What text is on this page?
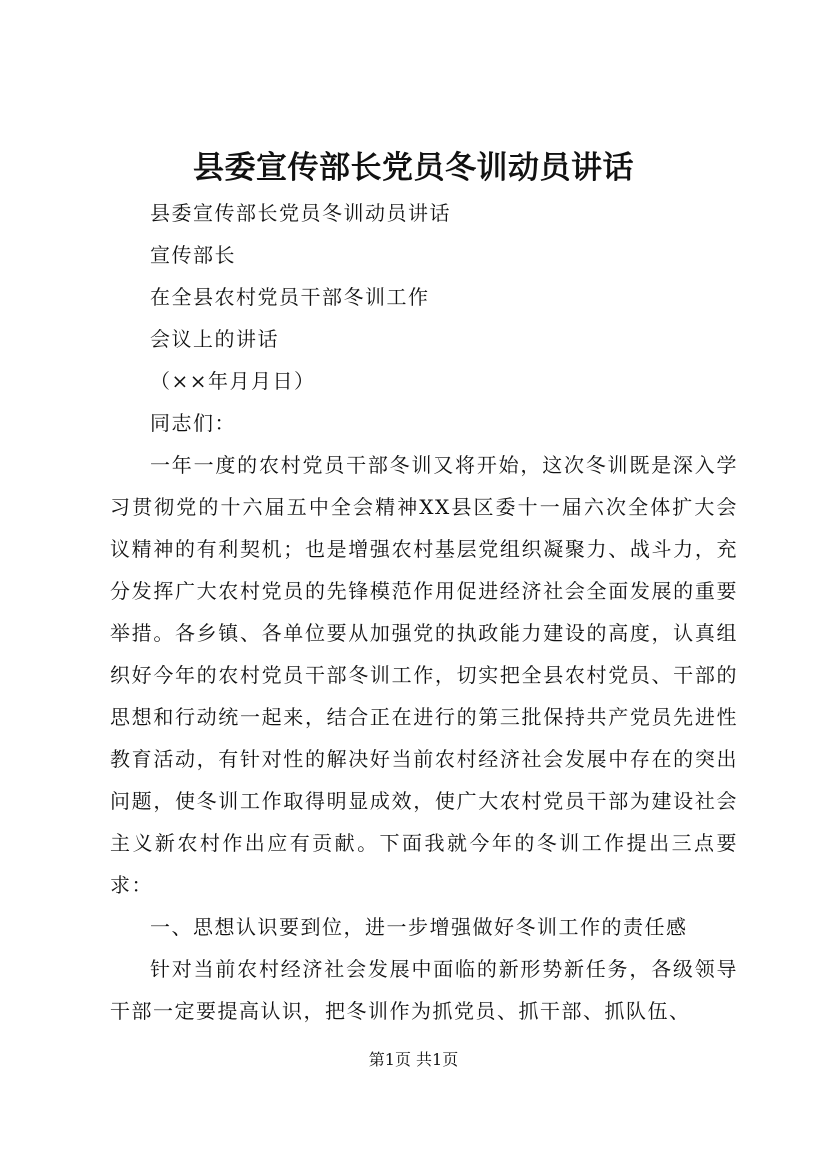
县委宣传部长党员冬训动员讲话

县委宣传部长党员冬训动员讲话

宣传部长

在全县农村党员干部冬训工作

会议上的讲话

（××年月月日）

同志们：

一年一度的农村党员干部冬训又将开始，这次冬训既是深入学习贯彻党的十六届五中全会精神XX县区委十一届六次全体扩大会议精神的有利契机；也是增强农村基层党组织凝聚力、战斗力，充分发挥广大农村党员的先锋模范作用促进经济社会全面发展的重要举措。各乡镇、各单位要从加强党的执政能力建设的高度，认真组织好今年的农村党员干部冬训工作，切实把全县农村党员、干部的思想和行动统一起来，结合正在进行的第三批保持共产党员先进性教育活动，有针对性的解决好当前农村经济社会发展中存在的突出问题，使冬训工作取得明显成效，使广大农村党员干部为建设社会主义新农村作出应有贡献。下面我就今年的冬训工作提出三点要求：

一、思想认识要到位，进一步增强做好冬训工作的责任感

针对当前农村经济社会发展中面临的新形势新任务，各级领导干部一定要提高认识，把冬训作为抓党员、抓干部、抓队伍、

第1页 共1页
